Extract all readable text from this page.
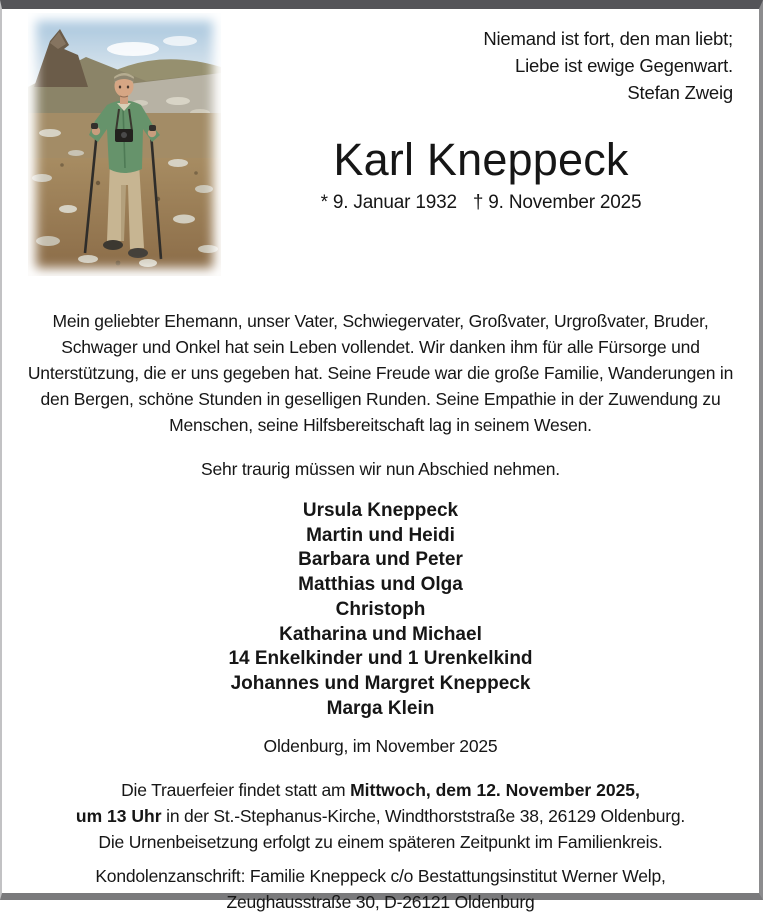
Niemand ist fort, den man liebt;
Liebe ist ewige Gegenwart.
Stefan Zweig
Karl Kneppeck
* 9. Januar 1932 † 9. November 2025

Mein geliebter Ehemann, unser Vater, Schwiegervater, Großvater, Urgroßvater, Bruder, Schwager und Onkel hat sein Leben vollendet. Wir danken ihm für alle Fürsorge und Unterstützung, die er uns gegeben hat. Seine Freude war die große Familie, Wanderungen in den Bergen, schöne Stunden in geselligen Runden. Seine Empathie in der Zuwendung zu Menschen, seine Hilfsbereitschaft lag in seinem Wesen.

Sehr traurig müssen wir nun Abschied nehmen.

Ursula Kneppeck
Martin und Heidi
Barbara und Peter
Matthias und Olga
Christoph
Katharina und Michael
14 Enkelkinder und 1 Urenkelkind
Johannes und Margret Kneppeck
Marga Klein

Oldenburg, im November 2025

Die Trauerfeier findet statt am Mittwoch, dem 12. November 2025,
um 13 Uhr in der St.-Stephanus-Kirche, Windthorststraße 38, 26129 Oldenburg.
Die Urnenbeisetzung erfolgt zu einem späteren Zeitpunkt im Familienkreis.
Kondolenzanschrift: Familie Kneppeck c/o Bestattungsinstitut Werner Welp,
Zeughausstraße 30, D-26121 Oldenburg
